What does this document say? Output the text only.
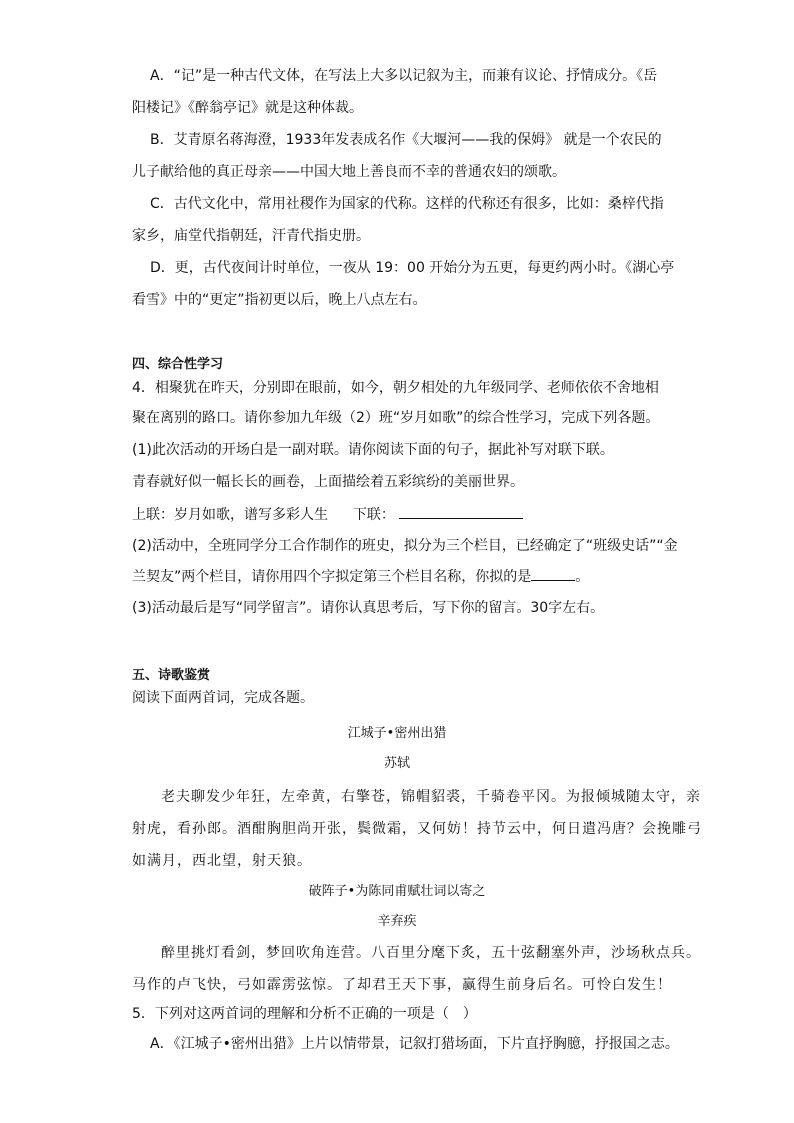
A．“记”是一种古代文体，在写法上大多以记叙为主，而兼有议论、抒情成分。《岳
阳楼记》《醉翁亭记》就是这种体裁。
B．艾青原名蒋海澄，1933年发表成名作《大堰河——我的保姆》 就是一个农民的
儿子献给他的真正母亲——中国大地上善良而不幸的普通农妇的颂歌。
C．古代文化中，常用社稷作为国家的代称。这样的代称还有很多，比如：桑梓代指
家乡，庙堂代指朝廷，汗青代指史册。
D．更，古代夜间计时单位，一夜从 19：00 开始分为五更，每更约两小时。《湖心亭
看雪》中的“更定”指初更以后，晚上八点左右。
四、综合性学习
4．相聚犹在昨天，分别即在眼前，如今，朝夕相处的九年级同学、老师依依不舍地相
聚在离别的路口。请你参加九年级（2）班“岁月如歌”的综合性学习，完成下列各题。
(1)此次活动的开场白是一副对联。请你阅读下面的句子，据此补写对联下联。
青春就好似一幅长长的画卷，上面描绘着五彩缤纷的美丽世界。
上联：岁月如歌，谱写多彩人生 下联：
(2)活动中，全班同学分工合作制作的班史，拟分为三个栏目，已经确定了“班级史话”“金
兰契友”两个栏目，请你用四个字拟定第三个栏目名称，你拟的是	。
(3)活动最后是写“同学留言”。请你认真思考后，写下你的留言。30字左右。
五、诗歌鉴赏
阅读下面两首词，完成各题。
江城子•密州出猎
苏轼
老夫聊发少年狂，左牵黄，右擎苍，锦帽貂裘，千骑卷平冈。为报倾城随太守，亲
射虎，看孙郎。酒酣胸胆尚开张，鬓微霜，又何妨！持节云中，何日遣冯唐？会挽雕弓
如满月，西北望，射天狼。
破阵子•为陈同甫赋壮词以寄之
辛弃疾
醉里挑灯看剑，梦回吹角连营。八百里分麾下炙，五十弦翻塞外声，沙场秋点兵。
马作的卢飞快，弓如霹雳弦惊。了却君王天下事，赢得生前身后名。可怜白发生！
5．下列对这两首词的理解和分析不正确的一项是（　）
A．《江城子•密州出猎》上片以情带景，记叙打猎场面，下片直抒胸臆，抒报国之志。
